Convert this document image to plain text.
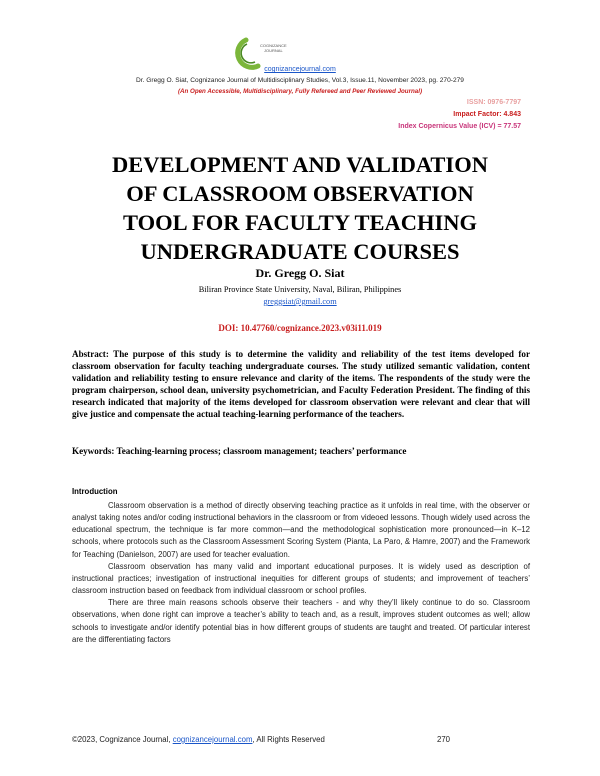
COGNIZANCE
JOURNAL
cognizancejournal.com
Dr. Gregg O. Siat, Cognizance Journal of Multidisciplinary Studies, Vol.3, Issue.11, November 2023, pg. 270-279
(An Open Accessible, Multidisciplinary, Fully Refereed and Peer Reviewed Journal)
ISSN: 0976-7797
Impact Factor: 4.843
Index Copernicus Value (ICV) = 77.57
DEVELOPMENT AND VALIDATION
OF CLASSROOM OBSERVATION
TOOL FOR FACULTY TEACHING
UNDERGRADUATE COURSES
Dr. Gregg O. Siat
Biliran Province State University, Naval, Biliran, Philippines
greggsiat@gmail.com
DOI: 10.47760/cognizance.2023.v03i11.019
Abstract: The purpose of this study is to determine the validity and reliability of the test items developed for classroom observation for faculty teaching undergraduate courses. The study utilized semantic validation, content validation and reliability testing to ensure relevance and clarity of the items. The respondents of the study were the program chairperson, school dean, university psychometrician, and Faculty Federation President. The finding of this research indicated that majority of the items developed for classroom observation were relevant and clear that will give justice and compensate the actual teaching-learning performance of the teachers.
Keywords: Teaching-learning process; classroom management; teachers’ performance
Introduction

Classroom observation is a method of directly observing teaching practice as it unfolds in real time, with the observer or analyst taking notes and/or coding instructional behaviors in the classroom or from videoed lessons. Though widely used across the educational spectrum, the technique is far more common—and the methodological sophistication more pronounced—in K–12 schools, where protocols such as the Classroom Assessment Scoring System (Pianta, La Paro, & Hamre, 2007) and the Framework for Teaching (Danielson, 2007) are used for teacher evaluation.

Classroom observation has many valid and important educational purposes. It is widely used as description of instructional practices; investigation of instructional inequities for different groups of students; and improvement of teachers’ classroom instruction based on feedback from individual classroom or school profiles.

There are three main reasons schools observe their teachers - and why they’ll likely continue to do so. Classroom observations, when done right can improve a teacher’s ability to teach and, as a result, improves student outcomes as well; allow schools to investigate and/or identify potential bias in how different groups of students are taught and treated. Of particular interest are the differentiating factors

©2023, Cognizance Journal, cognizancejournal.com, All Rights Reserved	270
